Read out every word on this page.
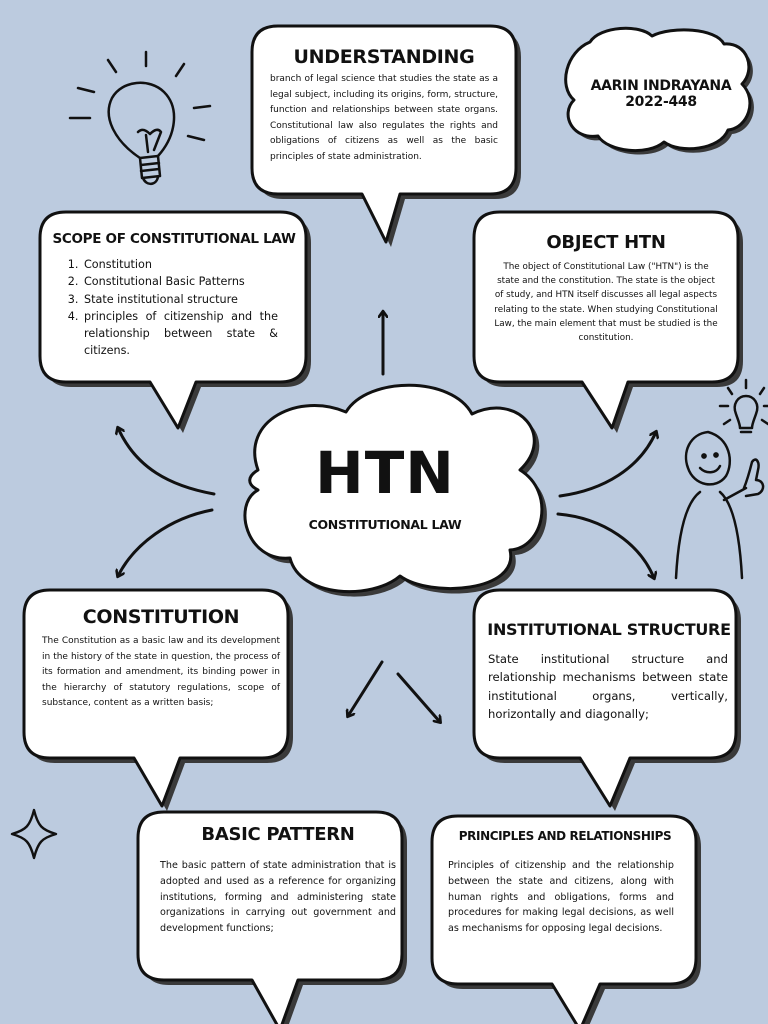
AARIN INDRAYANA
2022-448
UNDERSTANDING
branch of legal science that studies the state as a legal subject, including its origins, form, structure, function and relationships between state organs. Constitutional law also regulates the rights and obligations of citizens as well as the basic principles of state administration.
SCOPE OF CONSTITUTIONAL LAW
1. Constitution
2. Constitutional Basic Patterns
3. State institutional structure
4. principles of citizenship and the relationship between state & citizens.
OBJECT HTN
The object of Constitutional Law ("HTN") is the state and the constitution. The state is the object of study, and HTN itself discusses all legal aspects relating to the state. When studying Constitutional Law, the main element that must be studied is the constitution.
HTN
CONSTITUTIONAL LAW
CONSTITUTION
The Constitution as a basic law and its development in the history of the state in question, the process of its formation and amendment, its binding power in the hierarchy of statutory regulations, scope of substance, content as a written basis;
INSTITUTIONAL STRUCTURE
State institutional structure and relationship mechanisms between state institutional organs, vertically, horizontally and diagonally;
BASIC PATTERN
The basic pattern of state administration that is adopted and used as a reference for organizing institutions, forming and administering state organizations in carrying out government and development functions;
PRINCIPLES AND RELATIONSHIPS
Principles of citizenship and the relationship between the state and citizens, along with human rights and obligations, forms and procedures for making legal decisions, as well as mechanisms for opposing legal decisions.
